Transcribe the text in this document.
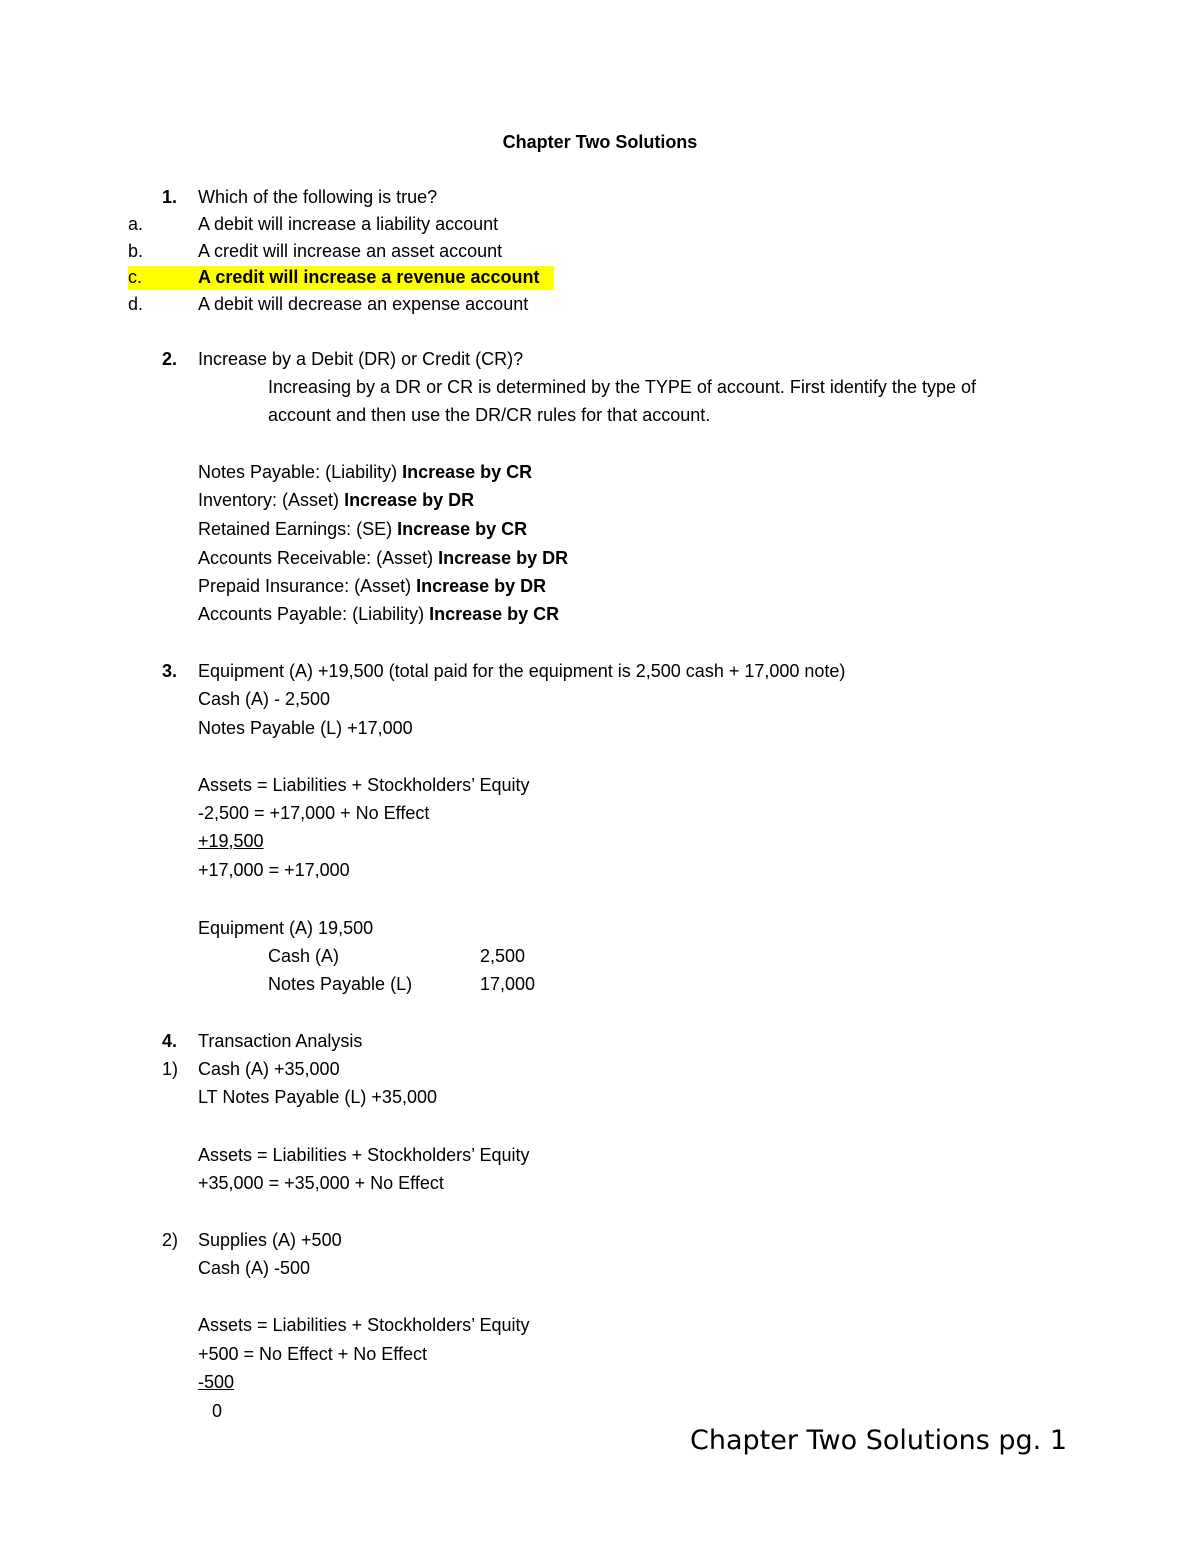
Chapter Two Solutions
1. Which of the following is true?
a.	A debit will increase a liability account
b.	A credit will increase an asset account
c.	A credit will increase a revenue account
d.	A debit will decrease an expense account
2. Increase by a Debit (DR) or Credit (CR)?
Increasing by a DR or CR is determined by the TYPE of account. First identify the type of
account and then use the DR/CR rules for that account.
Notes Payable: (Liability) Increase by CR
Inventory: (Asset) Increase by DR
Retained Earnings: (SE) Increase by CR
Accounts Receivable: (Asset) Increase by DR
Prepaid Insurance: (Asset) Increase by DR
Accounts Payable: (Liability) Increase by CR
3. Equipment (A) +19,500 (total paid for the equipment is 2,500 cash + 17,000 note)
Cash (A) - 2,500
Notes Payable (L) +17,000
Assets = Liabilities + Stockholders’ Equity
-2,500 = +17,000 + No Effect
+19,500
+17,000 = +17,000
Equipment (A) 19,500
Cash (A)	2,500
Notes Payable (L)	17,000
4. Transaction Analysis
1) Cash (A) +35,000
LT Notes Payable (L) +35,000
Assets = Liabilities + Stockholders’ Equity
+35,000 = +35,000 + No Effect
2) Supplies (A) +500
Cash (A) -500
Assets = Liabilities + Stockholders’ Equity
+500 = No Effect + No Effect
-500
0
Chapter Two Solutions pg. 1
